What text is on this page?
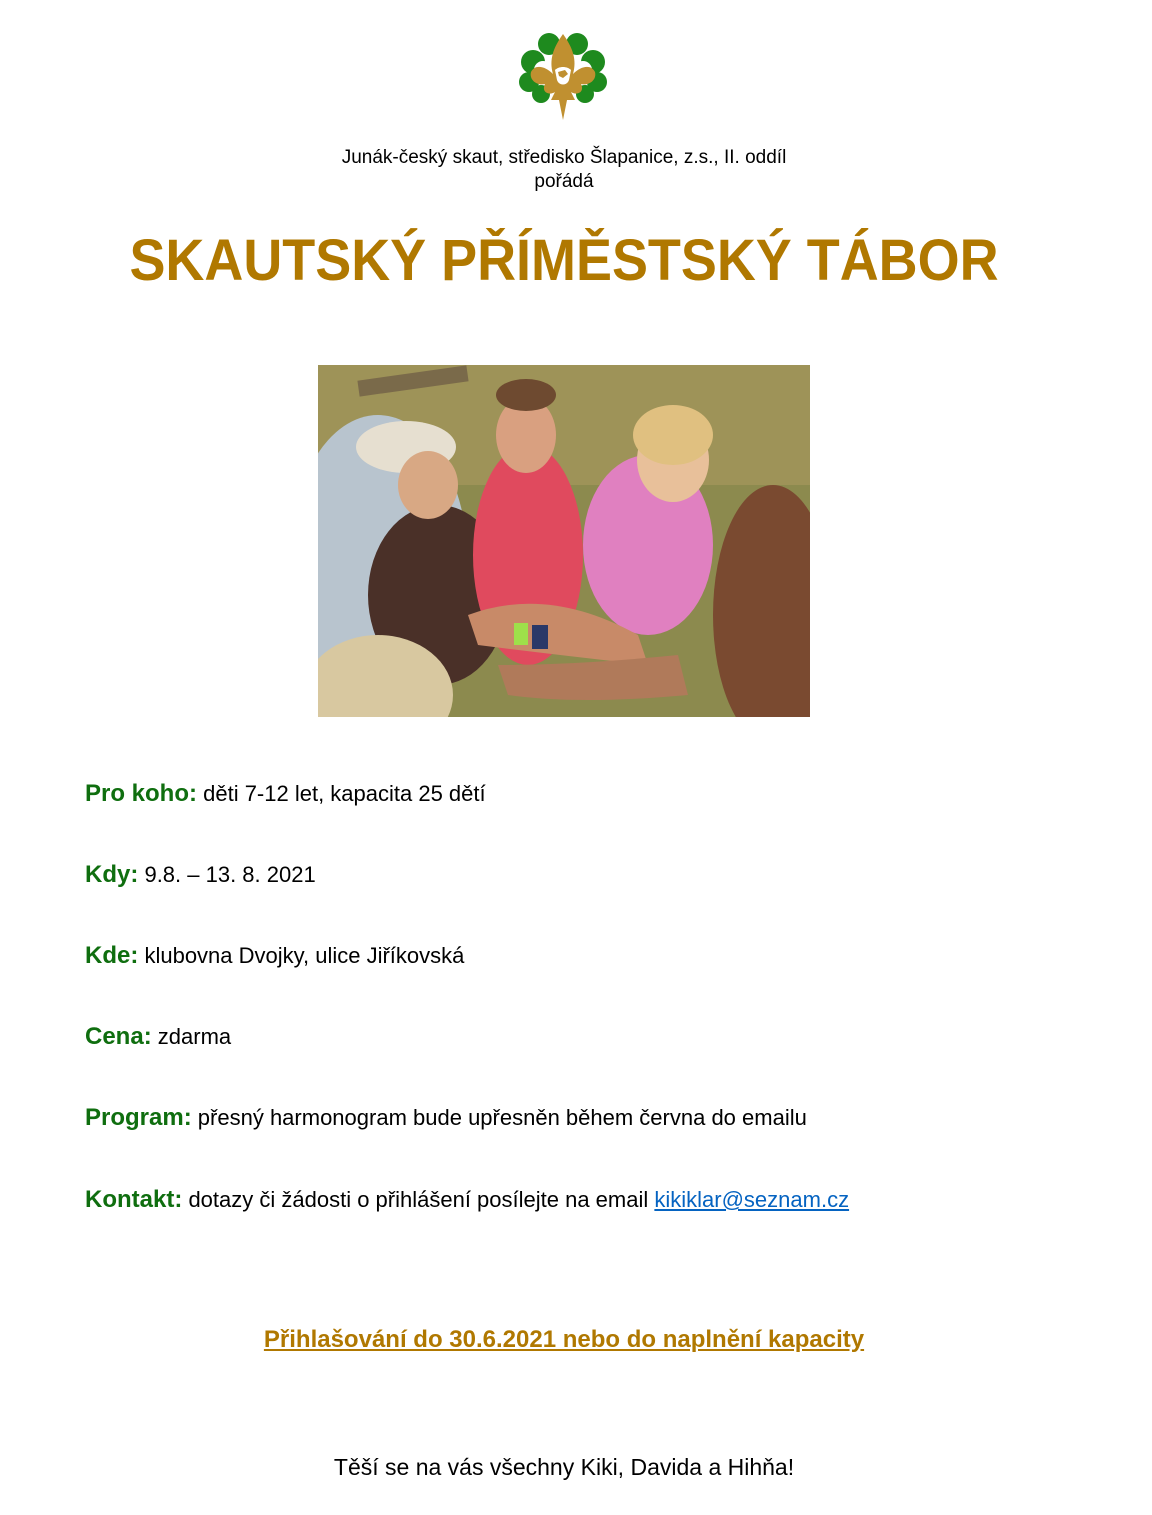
Junák-český skaut, středisko Šlapanice, z.s., II. oddíl
pořádá
SKAUTSKÝ PŘÍMĚSTSKÝ TÁBOR
Pro koho: děti 7-12 let, kapacita 25 dětí
Kdy: 9.8. – 13. 8. 2021
Kde: klubovna Dvojky, ulice Jiříkovská
Cena: zdarma
Program: přesný harmonogram bude upřesněn během června do emailu
Kontakt: dotazy či žádosti o přihlášení posílejte na email kikiklar@seznam.cz
Přihlašování do 30.6.2021 nebo do naplnění kapacity
Těší se na vás všechny Kiki, Davida a Hihňa!
